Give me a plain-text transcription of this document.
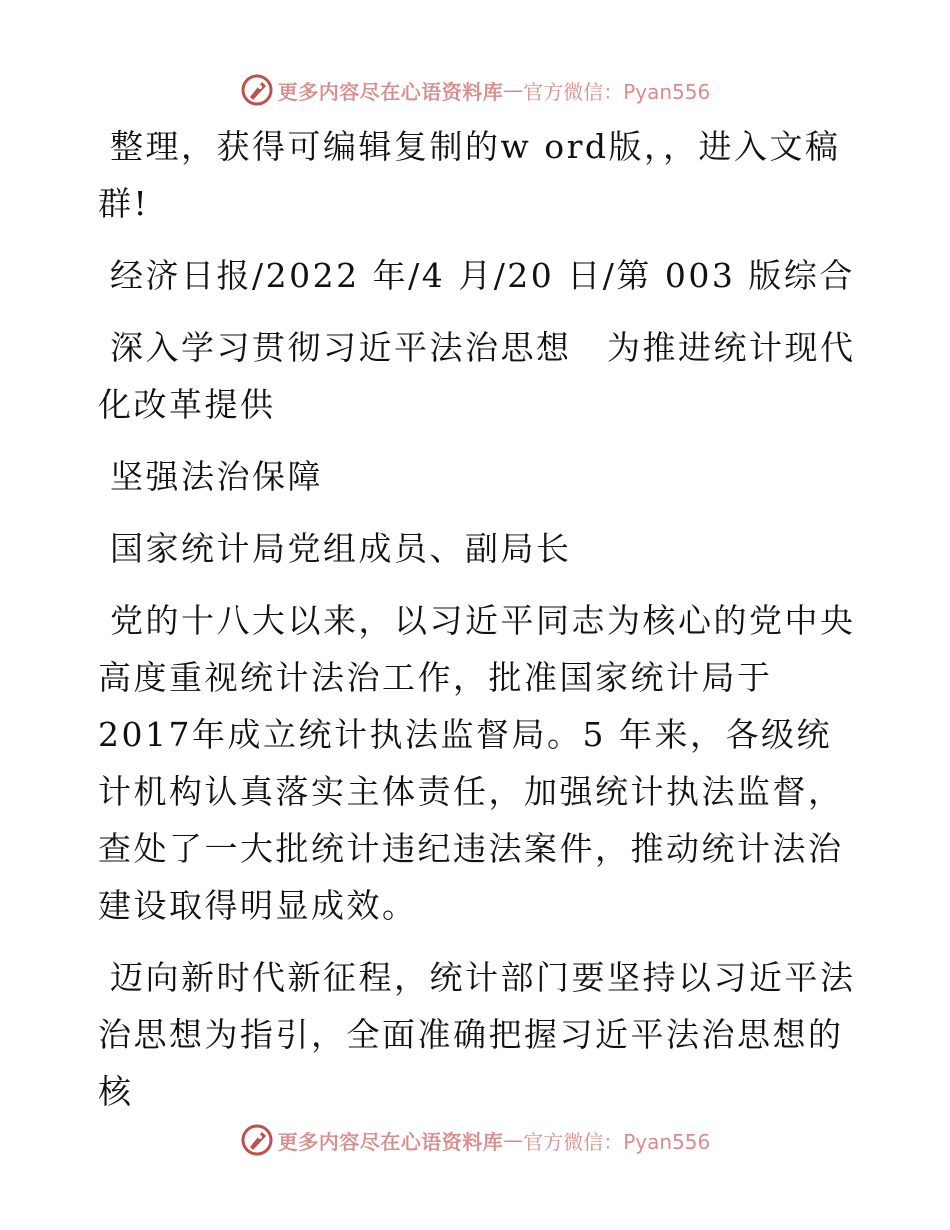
更多内容尽在心语资料库 — 官方微信：Pyan556

整理，获得可编辑复制的w ord版，，进入文稿群!

经济日报/2022 年/4 月/20 日/第 003 版综合

深入学习贯彻习近平法治思想　为推进统计现代化改革提供

坚强法治保障

国家统计局党组成员、副局长

党的十八大以来，以习近平同志为核心的党中央高度重视统计法治工作，批准国家统计局于2017年成立统计执法监督局。5 年来，各级统计机构认真落实主体责任，加强统计执法监督，查处了一大批统计违纪违法案件，推动统计法治建设取得明显成效。

迈向新时代新征程，统计部门要坚持以习近平法治思想为指引，全面准确把握习近平法治思想的核

更多内容尽在心语资料库 — 官方微信：Pyan556
